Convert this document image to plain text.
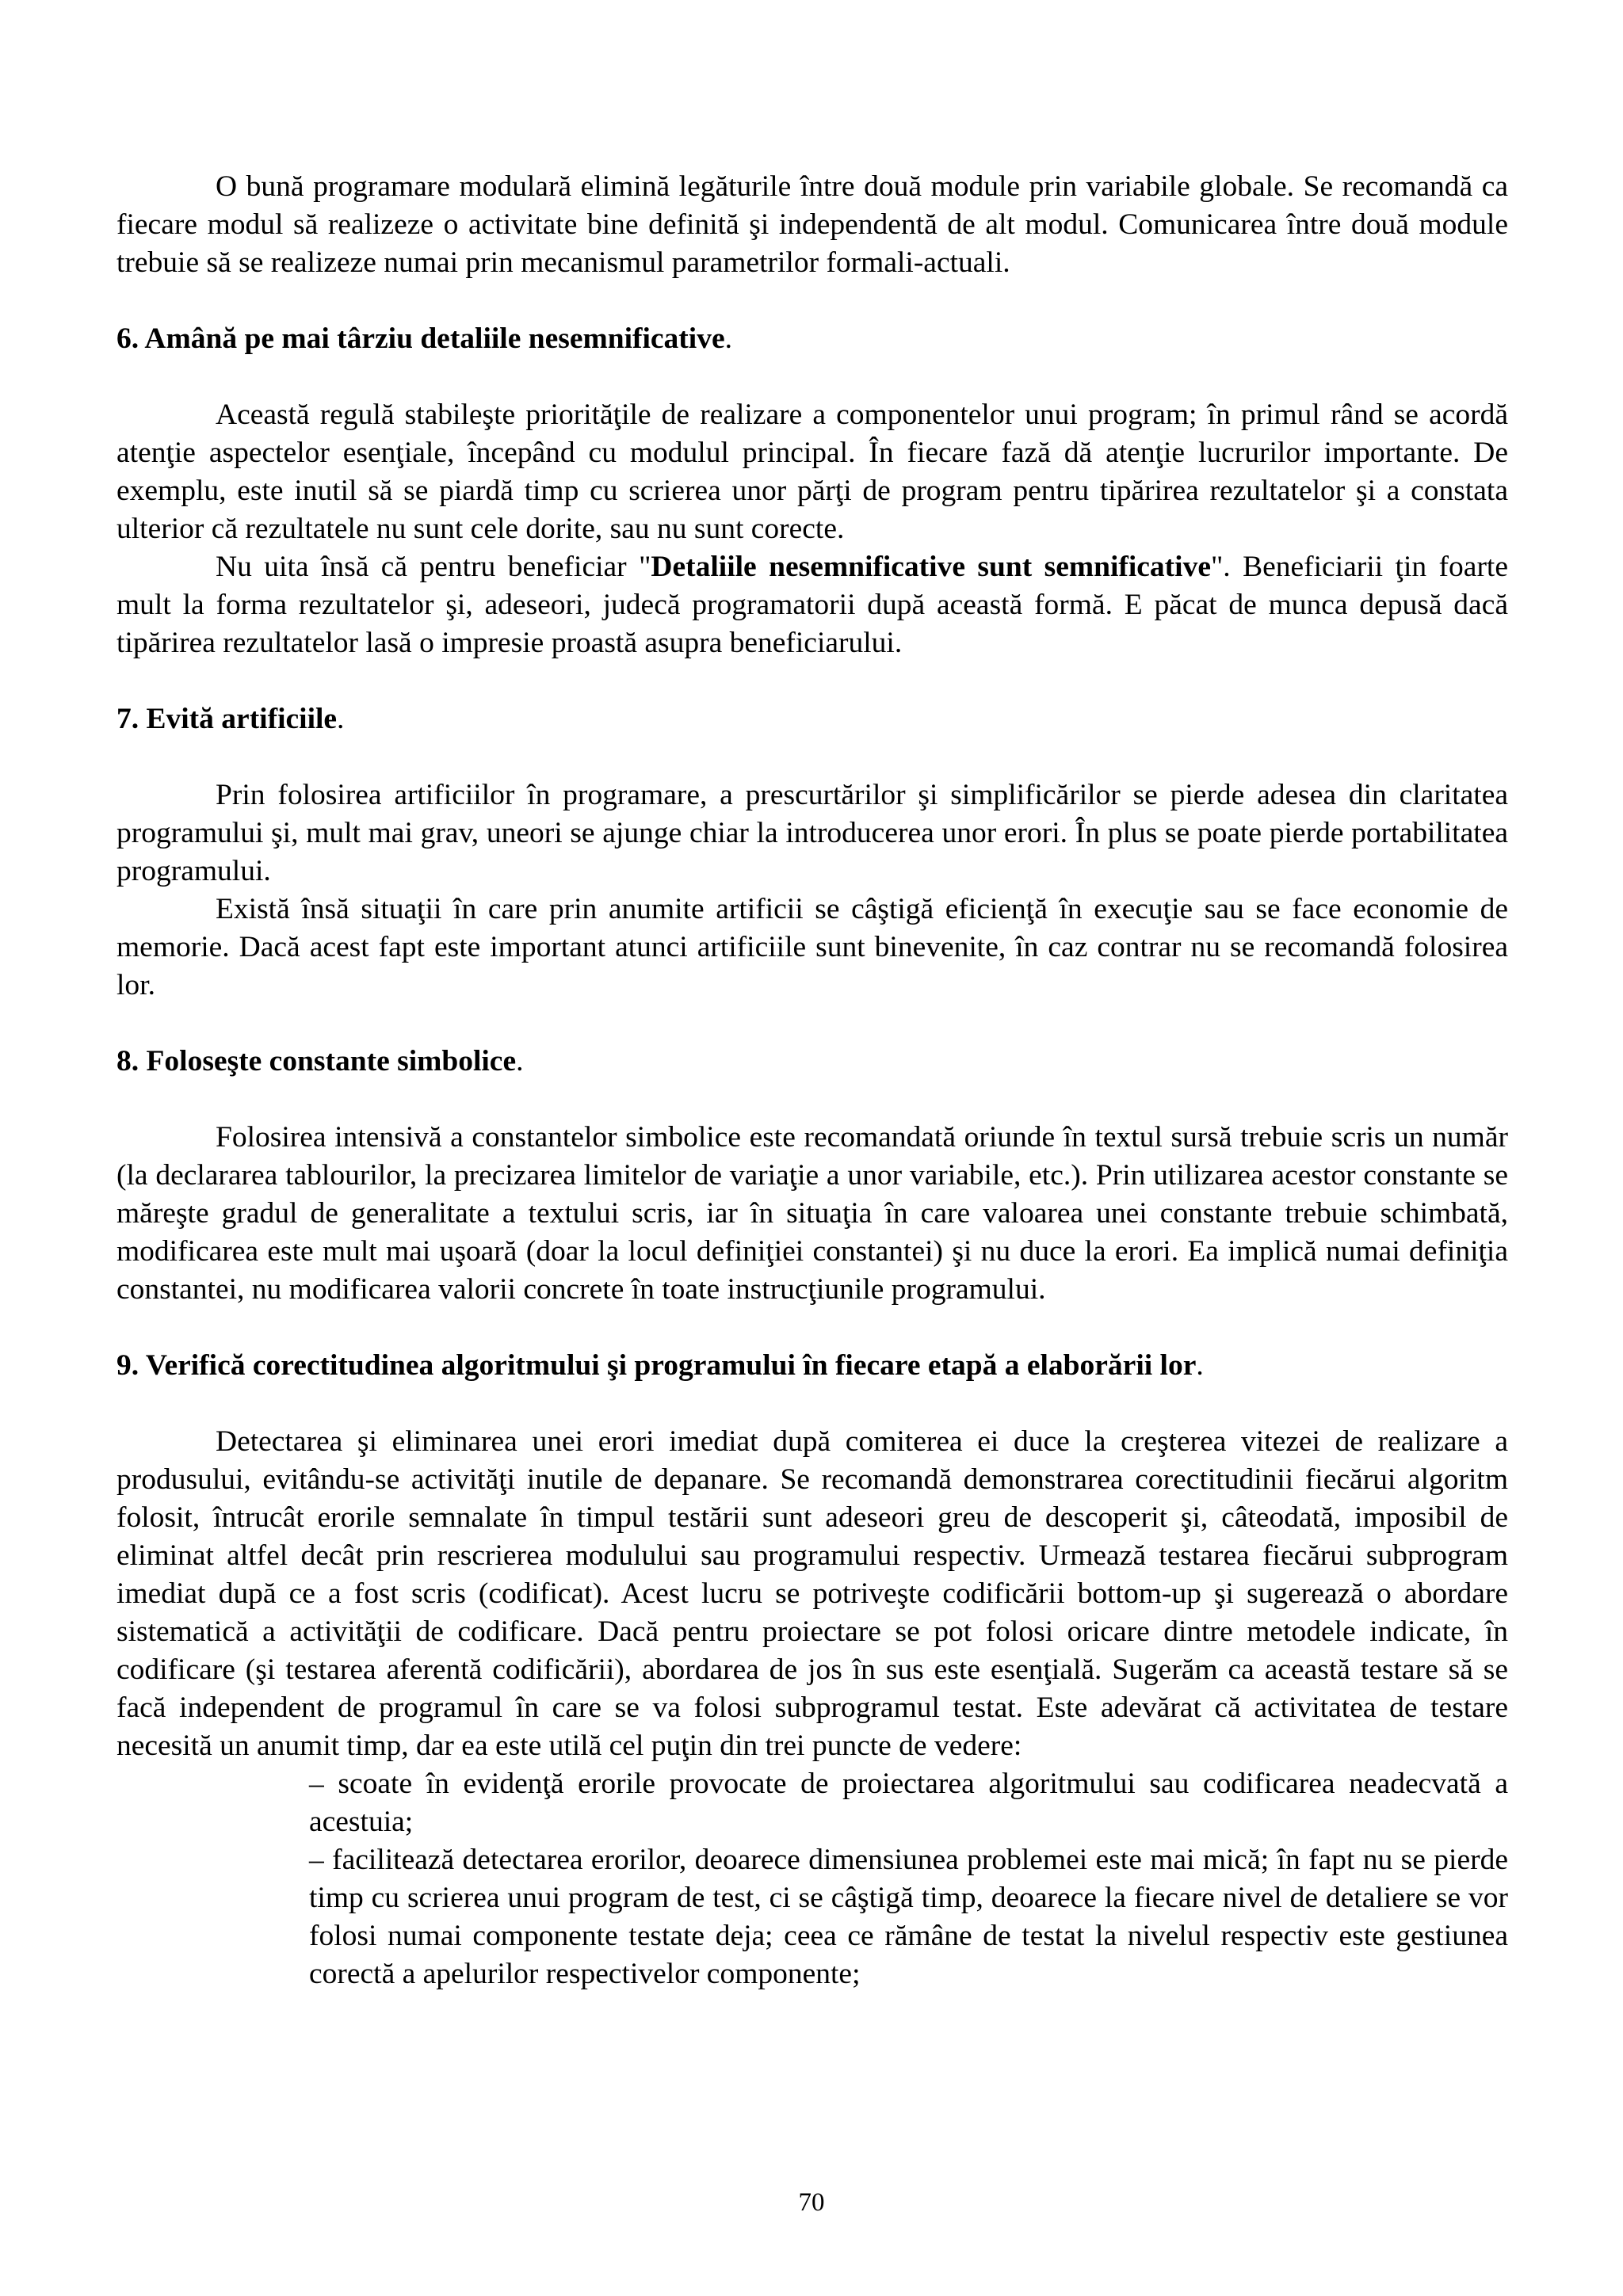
O bună programare modulară elimină legăturile între două module prin variabile globale. Se recomandă ca fiecare modul să realizeze o activitate bine definită şi independentă de alt modul. Comunicarea între două module trebuie să se realizeze numai prin mecanismul parametrilor formali-actuali.

6. Amână pe mai târziu detaliile nesemnificative.

Această regulă stabileşte priorităţile de realizare a componentelor unui program; în primul rând se acordă atenţie aspectelor esenţiale, începând cu modulul principal. În fiecare fază dă atenţie lucrurilor importante. De exemplu, este inutil să se piardă timp cu scrierea unor părţi de program pentru tipărirea rezultatelor şi a constata ulterior că rezultatele nu sunt cele dorite, sau nu sunt corecte.

Nu uita însă că pentru beneficiar "Detaliile nesemnificative sunt semnificative". Beneficiarii ţin foarte mult la forma rezultatelor şi, adeseori, judecă programatorii după această formă. E păcat de munca depusă dacă tipărirea rezultatelor lasă o impresie proastă asupra beneficiarului.

7. Evită artificiile.

Prin folosirea artificiilor în programare, a prescurtărilor şi simplificărilor se pierde adesea din claritatea programului şi, mult mai grav, uneori se ajunge chiar la introducerea unor erori. În plus se poate pierde portabilitatea programului.

Există însă situaţii în care prin anumite artificii se câştigă eficienţă în execuţie sau se face economie de memorie. Dacă acest fapt este important atunci artificiile sunt binevenite, în caz contrar nu se recomandă folosirea lor.

8. Foloseşte constante simbolice.

Folosirea intensivă a constantelor simbolice este recomandată oriunde în textul sursă trebuie scris un număr (la declararea tablourilor, la precizarea limitelor de variaţie a unor variabile, etc.). Prin utilizarea acestor constante se măreşte gradul de generalitate a textului scris, iar în situaţia în care valoarea unei constante trebuie schimbată, modificarea este mult mai uşoară (doar la locul definiţiei constantei) şi nu duce la erori. Ea implică numai definiţia constantei, nu modificarea valorii concrete în toate instrucţiunile programului.

9. Verifică corectitudinea algoritmului şi programului în fiecare etapă a elaborării lor.

Detectarea şi eliminarea unei erori imediat după comiterea ei duce la creşterea vitezei de realizare a produsului, evitându-se activităţi inutile de depanare. Se recomandă demonstrarea corectitudinii fiecărui algoritm folosit, întrucât erorile semnalate în timpul testării sunt adeseori greu de descoperit şi, câteodată, imposibil de eliminat altfel decât prin rescrierea modulului sau programului respectiv. Urmează testarea fiecărui subprogram imediat după ce a fost scris (codificat). Acest lucru se potriveşte codificării bottom-up şi sugerează o abordare sistematică a activităţii de codificare. Dacă pentru proiectare se pot folosi oricare dintre metodele indicate, în codificare (şi testarea aferentă codificării), abordarea de jos în sus este esenţială. Sugerăm ca această testare să se facă independent de programul în care se va folosi subprogramul testat. Este adevărat că activitatea de testare necesită un anumit timp, dar ea este utilă cel puţin din trei puncte de vedere:

– scoate în evidenţă erorile provocate de proiectarea algoritmului sau codificarea neadecvată a acestuia;
– facilitează detectarea erorilor, deoarece dimensiunea problemei este mai mică; în fapt nu se pierde timp cu scrierea unui program de test, ci se câştigă timp, deoarece la fiecare nivel de detaliere se vor folosi numai componente testate deja; ceea ce rămâne de testat la nivelul respectiv este gestiunea corectă a apelurilor respectivelor componente;
70
